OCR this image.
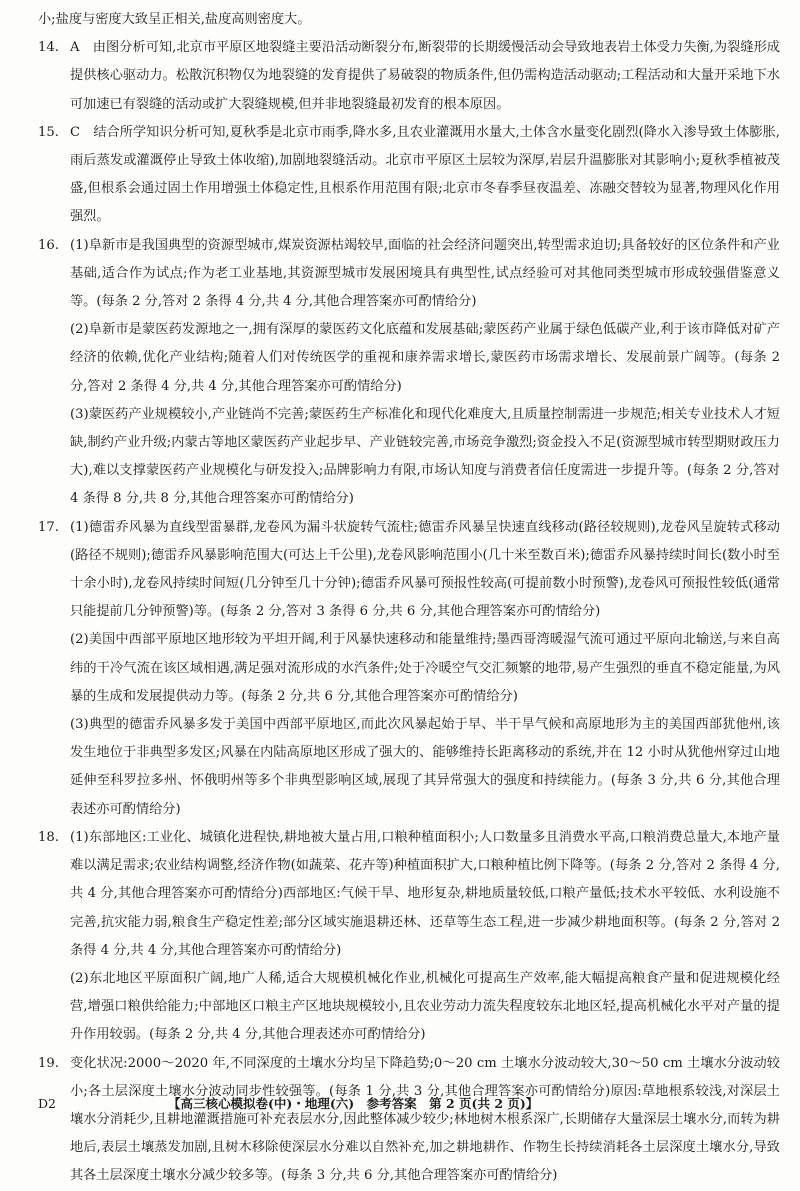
小;盐度与密度大致呈正相关,盐度高则密度大。

14. A　由图分析可知,北京市平原区地裂缝主要沿活动断裂分布,断裂带的长期缓慢活动会导致地表岩土体受力失衡,为裂缝形成提供核心驱动力。松散沉积物仅为地裂缝的发育提供了易破裂的物质条件,但仍需构造活动驱动;工程活动和大量开采地下水可加速已有裂缝的活动或扩大裂缝规模,但并非地裂缝最初发育的根本原因。

15. C　结合所学知识分析可知,夏秋季是北京市雨季,降水多,且农业灌溉用水量大,土体含水量变化剧烈(降水入渗导致土体膨胀,雨后蒸发或灌溉停止导致土体收缩),加剧地裂缝活动。北京市平原区土层较为深厚,岩层升温膨胀对其影响小;夏秋季植被茂盛,但根系会通过固土作用增强土体稳定性,且根系作用范围有限;北京市冬春季昼夜温差、冻融交替较为显著,物理风化作用强烈。

16. (1)阜新市是我国典型的资源型城市,煤炭资源枯竭较早,面临的社会经济问题突出,转型需求迫切;具备较好的区位条件和产业基础,适合作为试点;作为老工业基地,其资源型城市发展困境具有典型性,试点经验可对其他同类型城市形成较强借鉴意义等。(每条 2 分,答对 2 条得 4 分,共 4 分,其他合理答案亦可酌情给分)

(2)阜新市是蒙医药发源地之一,拥有深厚的蒙医药文化底蕴和发展基础;蒙医药产业属于绿色低碳产业,利于该市降低对矿产经济的依赖,优化产业结构;随着人们对传统医学的重视和康养需求增长,蒙医药市场需求增长、发展前景广阔等。(每条 2 分,答对 2 条得 4 分,共 4 分,其他合理答案亦可酌情给分)

(3)蒙医药产业规模较小,产业链尚不完善;蒙医药生产标准化和现代化难度大,且质量控制需进一步规范;相关专业技术人才短缺,制约产业升级;内蒙古等地区蒙医药产业起步早、产业链较完善,市场竞争激烈;资金投入不足(资源型城市转型期财政压力大),难以支撑蒙医药产业规模化与研发投入;品牌影响力有限,市场认知度与消费者信任度需进一步提升等。(每条 2 分,答对 4 条得 8 分,共 8 分,其他合理答案亦可酌情给分)

17. (1)德雷乔风暴为直线型雷暴群,龙卷风为漏斗状旋转气流柱;德雷乔风暴呈快速直线移动(路径较规则),龙卷风呈旋转式移动(路径不规则);德雷乔风暴影响范围大(可达上千公里),龙卷风影响范围小(几十米至数百米);德雷乔风暴持续时间长(数小时至十余小时),龙卷风持续时间短(几分钟至几十分钟);德雷乔风暴可预报性较高(可提前数小时预警),龙卷风可预报性较低(通常只能提前几分钟预警)等。(每条 2 分,答对 3 条得 6 分,共 6 分,其他合理答案亦可酌情给分)

(2)美国中西部平原地区地形较为平坦开阔,利于风暴快速移动和能量维持;墨西哥湾暖湿气流可通过平原向北输送,与来自高纬的干冷气流在该区域相遇,满足强对流形成的水汽条件;处于冷暖空气交汇频繁的地带,易产生强烈的垂直不稳定能量,为风暴的生成和发展提供动力等。(每条 2 分,共 6 分,其他合理答案亦可酌情给分)

(3)典型的德雷乔风暴多发于美国中西部平原地区,而此次风暴起始于早、半干旱气候和高原地形为主的美国西部犹他州,该发生地位于非典型多发区;风暴在内陆高原地区形成了强大的、能够维持长距离移动的系统,并在 12 小时从犹他州穿过山地延伸至科罗拉多州、怀俄明州等多个非典型影响区域,展现了其异常强大的强度和持续能力。(每条 3 分,共 6 分,其他合理表述亦可酌情给分)

18. (1)东部地区:工业化、城镇化进程快,耕地被大量占用,口粮种植面积小;人口数量多且消费水平高,口粮消费总量大,本地产量难以满足需求;农业结构调整,经济作物(如蔬菜、花卉等)种植面积扩大,口粮种植比例下降等。(每条 2 分,答对 2 条得 4 分,共 4 分,其他合理答案亦可酌情给分)西部地区:气候干旱、地形复杂,耕地质量较低,口粮产量低;技术水平较低、水利设施不完善,抗灾能力弱,粮食生产稳定性差;部分区域实施退耕还林、还草等生态工程,进一步减少耕地面积等。(每条 2 分,答对 2 条得 4 分,共 4 分,其他合理答案亦可酌情给分)

(2)东北地区平原面积广阔,地广人稀,适合大规模机械化作业,机械化可提高生产效率,能大幅提高粮食产量和促进规模化经营,增强口粮供给能力;中部地区口粮主产区地块规模较小,且农业劳动力流失程度较东北地区轻,提高机械化水平对产量的提升作用较弱。(每条 2 分,共 4 分,其他合理表述亦可酌情给分)

19. 变化状况:2000～2020 年,不同深度的土壤水分均呈下降趋势;0～20 cm 土壤水分波动较大,30～50 cm 土壤水分波动较小;各土层深度土壤水分波动同步性较强等。(每条 1 分,共 3 分,其他合理答案亦可酌情给分)原因:草地根系较浅,对深层土壤水分消耗少,且耕地灌溉措施可补充表层水分,因此整体减少较少;林地树木根系深广,长期储存大量深层土壤水分,而转为耕地后,表层土壤蒸发加剧,且树木移除使深层水分难以自然补充,加之耕地耕作、作物生长持续消耗各土层深度土壤水分,导致其各土层深度土壤水分减少较多等。(每条 3 分,共 6 分,其他合理答案亦可酌情给分)

D2	【高三核心模拟卷(中)・地理(六)　参考答案　第 2 页(共 2 页)】
